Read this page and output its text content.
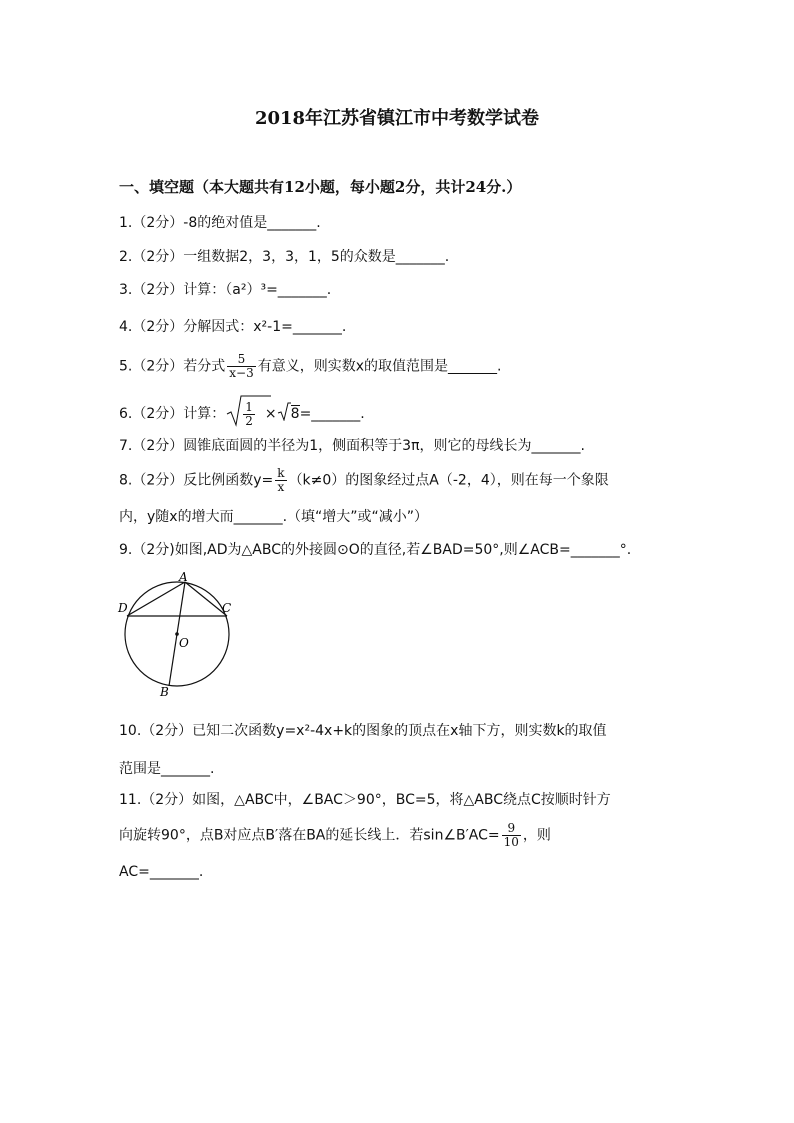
2018年江苏省镇江市中考数学试卷
一、填空题（本大题共有12小题，每小题2分，共计24分.）
1.（2分）-8的绝对值是_______.
2.（2分）一组数据2，3，3，1，5的众数是_______.
3.（2分）计算：（a²）³=_______.
4.（2分）分解因式：x²-1=_______.
5.（2分）若分式 $\frac{5}{x-3}$ 有意义，则实数x的取值范围是_______.
6.（2分）计算： $\frac{1}{2}$ × 8=_______.
7.（2分）圆锥底面圆的半径为1，侧面积等于3π，则它的母线长为_______.
8.（2分）反比例函数$y= \frac{k}{x} (k\ne 0)$的图象经过点A（-2，4），则在每一个象限
内，y随x的增大而_______.（填“增大”或“减小”）
9.（2分)如图,AD为△ABC的外接圆⊙O的直径,若∠BAD=50°,则∠ACB=_______°.
A
B
C
D
O
10.（2分）已知二次函数y=x²-4x+k的图象的顶点在x轴下方，则实数k的取值
范围是_______.
11.（2分）如图，△ABC中，∠BAC＞90°，BC=5，将△ABC绕点C按顺时针方
向旋转90°，点B对应点B′落在BA的延长线上．若sin∠B′AC= $\frac{9}{10}$ ，则
AC=_______.
